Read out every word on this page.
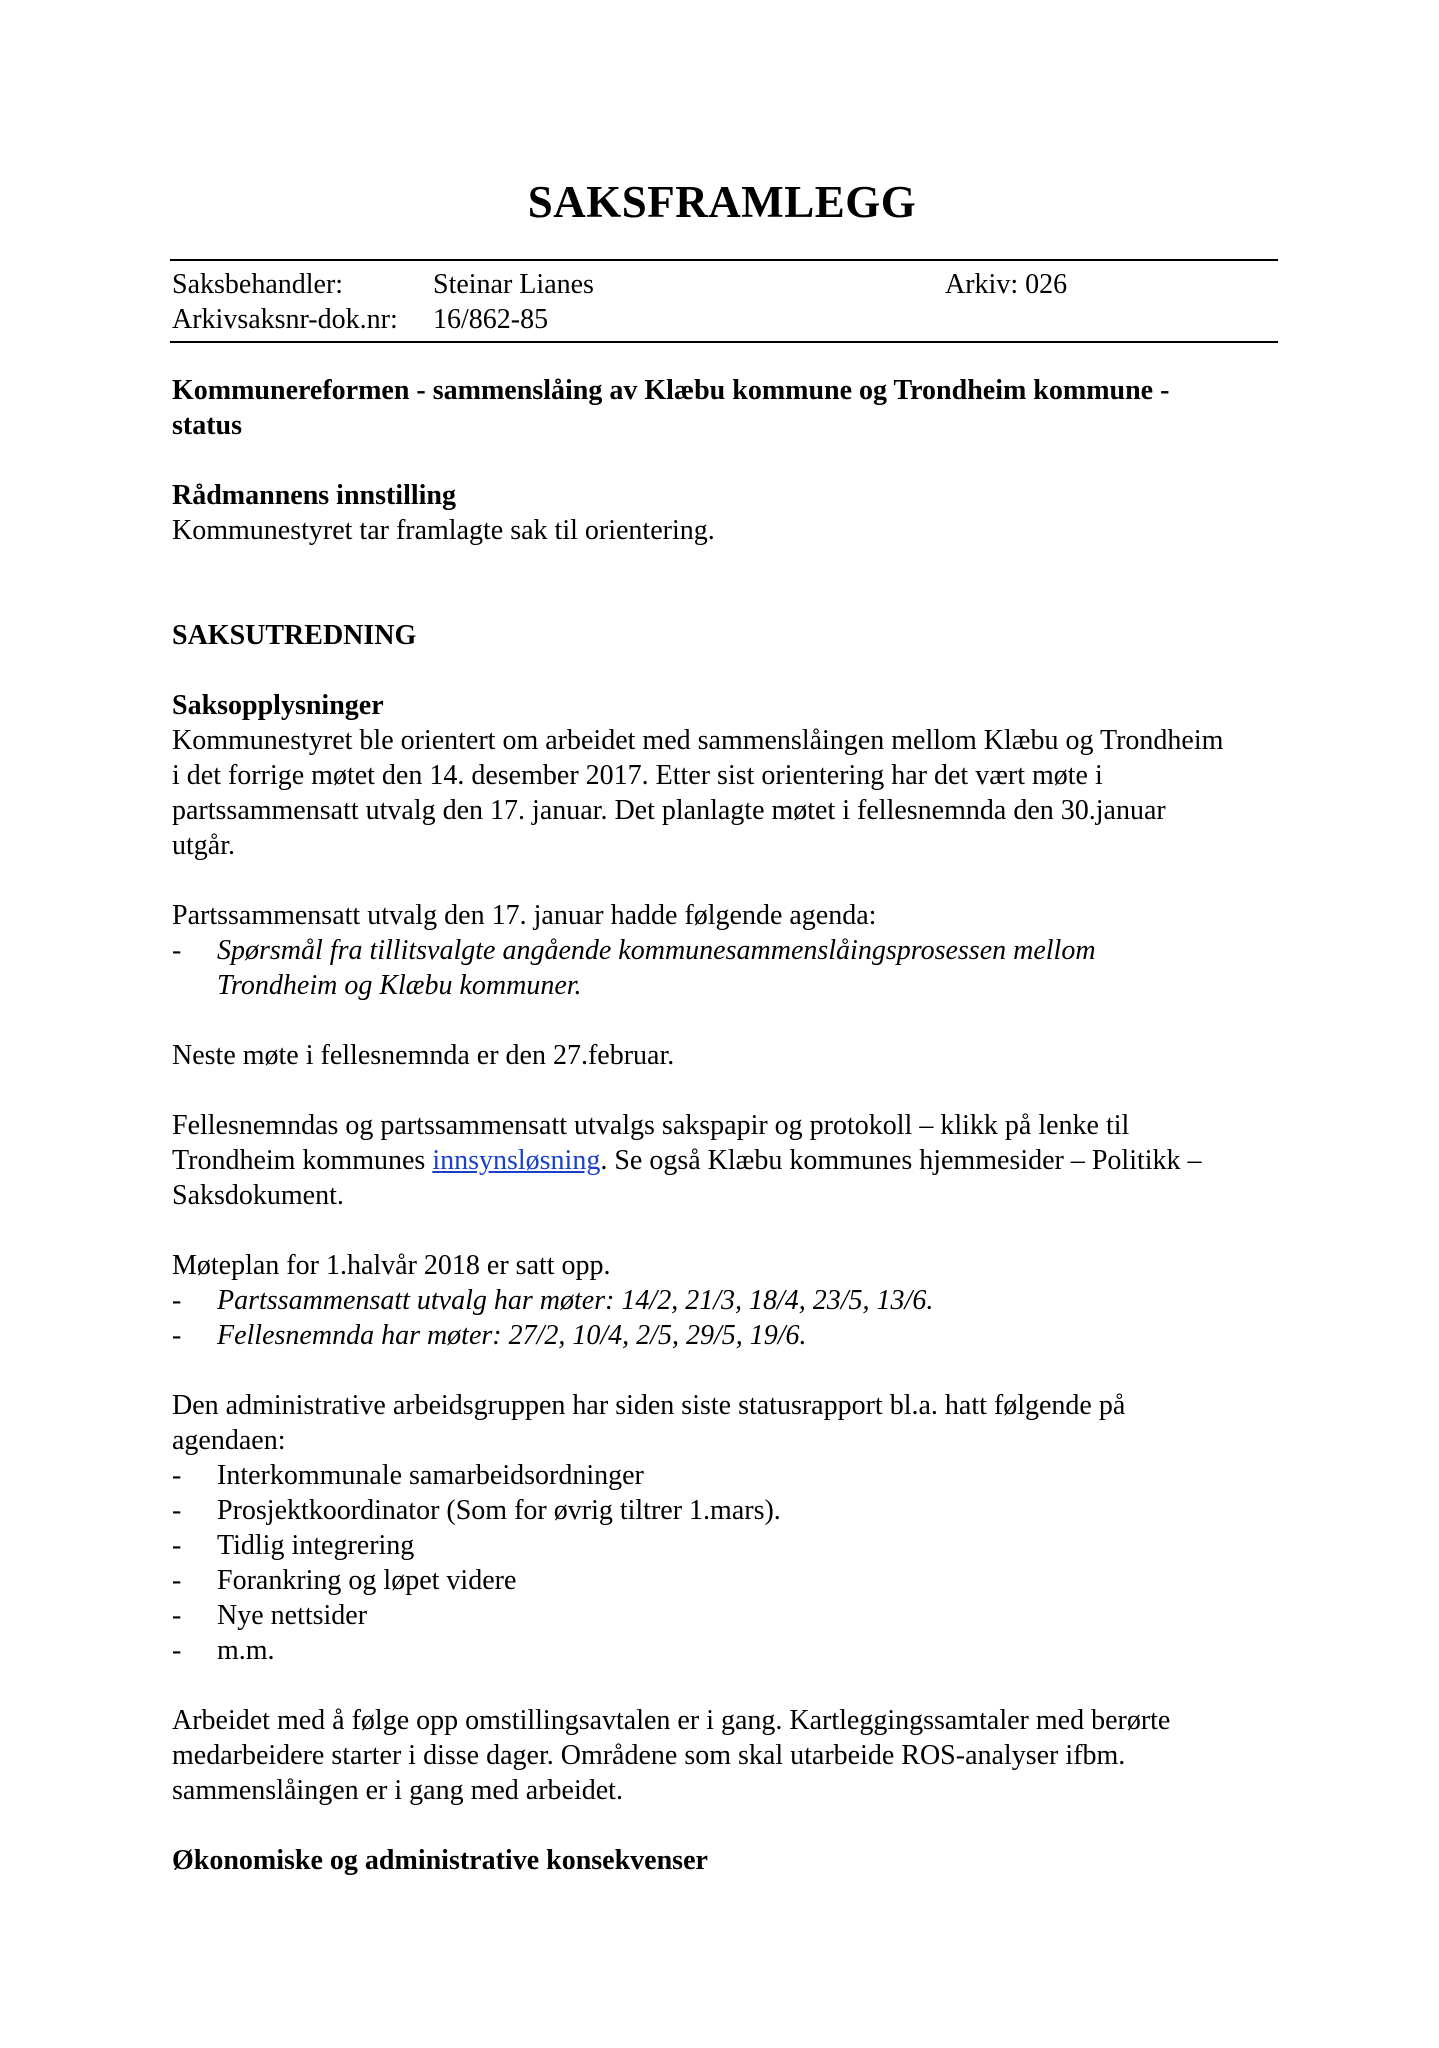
SAKSFRAMLEGG
Saksbehandler:	Steinar Lianes	Arkiv: 026
Arkivsaksnr-dok.nr:	16/862-85

Kommunereformen - sammenslåing av Klæbu kommune og Trondheim kommune -

status

Rådmannens innstilling

Kommunestyret tar framlagte sak til orientering.

SAKSUTREDNING

Saksopplysninger

Kommunestyret ble orientert om arbeidet med sammenslåingen mellom Klæbu og Trondheim

i det forrige møtet den 14. desember 2017. Etter sist orientering har det vært møte i

partssammensatt utvalg den 17. januar. Det planlagte møtet i fellesnemnda den 30.januar

utgår.

Partssammensatt utvalg den 17. januar hadde følgende agenda:

- Spørsmål fra tillitsvalgte angående kommunesammenslåingsprosessen mellom
Trondheim og Klæbu kommuner.

Neste møte i fellesnemnda er den 27.februar.

Fellesnemndas og partssammensatt utvalgs sakspapir og protokoll – klikk på lenke til

Trondheim kommunes innsynsløsning. Se også Klæbu kommunes hjemmesider – Politikk –

Saksdokument.

Møteplan for 1.halvår 2018 er satt opp.

- Partssammensatt utvalg har møter: 14/2, 21/3, 18/4, 23/5, 13/6.
- Fellesnemnda har møter: 27/2, 10/4, 2/5, 29/5, 19/6.

Den administrative arbeidsgruppen har siden siste statusrapport bl.a. hatt følgende på

agendaen:

- Interkommunale samarbeidsordninger
- Prosjektkoordinator (Som for øvrig tiltrer 1.mars).
- Tidlig integrering
- Forankring og løpet videre
- Nye nettsider
- m.m.

Arbeidet med å følge opp omstillingsavtalen er i gang. Kartleggingssamtaler med berørte

medarbeidere starter i disse dager. Områdene som skal utarbeide ROS-analyser ifbm.

sammenslåingen er i gang med arbeidet.

Økonomiske og administrative konsekvenser
